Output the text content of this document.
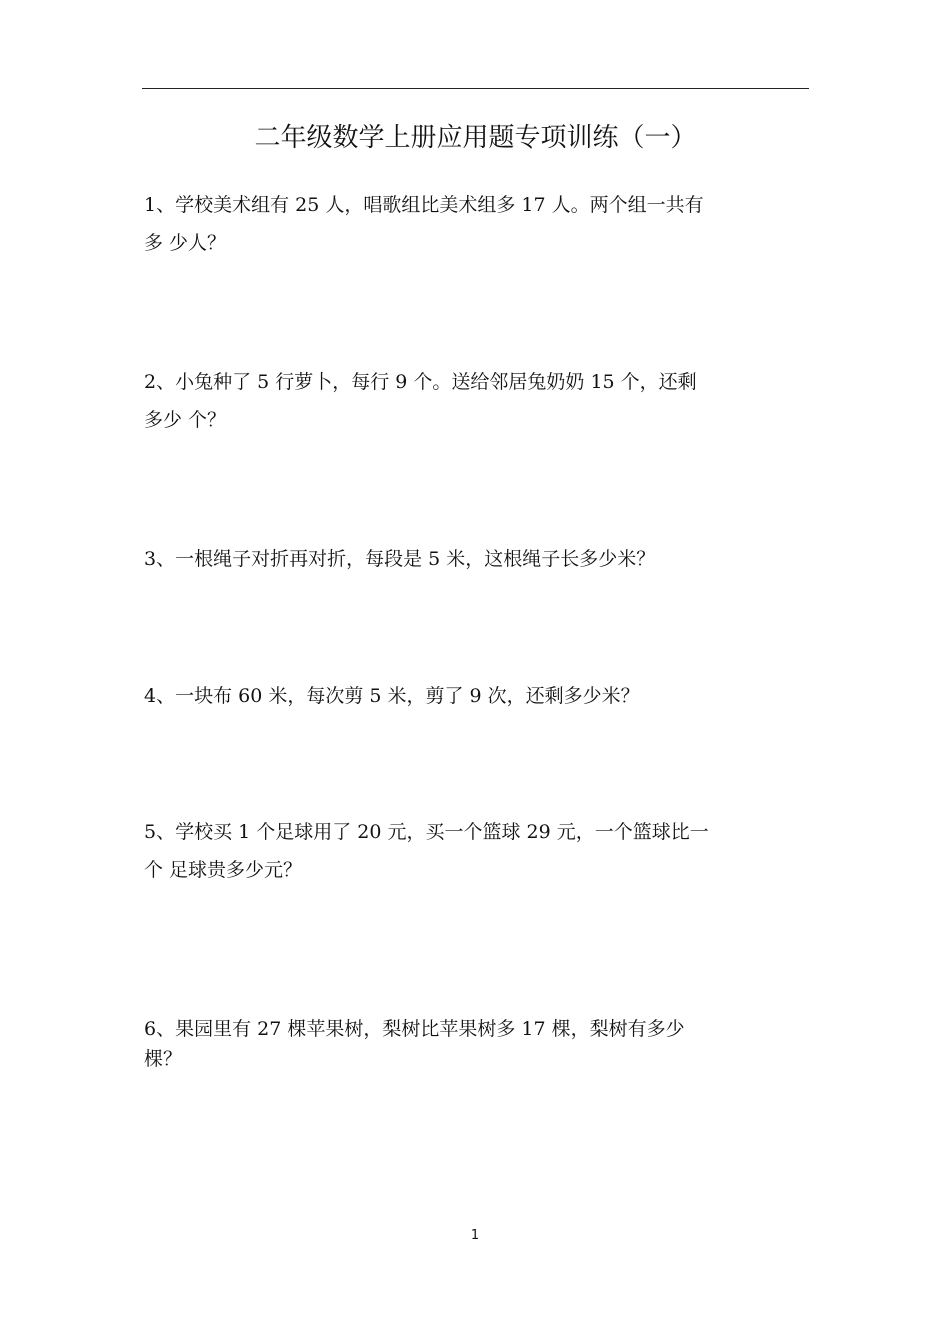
二年级数学上册应用题专项训练（一）
1、学校美术组有 25 人，唱歌组比美术组多 17 人。两个组一共有
多 少人？
2、小兔种了 5 行萝卜，每行 9 个。送给邻居兔奶奶 15 个，还剩
多少 个？
3、一根绳子对折再对折，每段是 5 米，这根绳子长多少米？
4、一块布 60 米，每次剪 5 米，剪了 9 次，还剩多少米？
5、学校买 1 个足球用了 20 元，买一个篮球 29 元，一个篮球比一
个 足球贵多少元？
6、果园里有 27 棵苹果树，梨树比苹果树多 17 棵，梨树有多少
棵？
1
